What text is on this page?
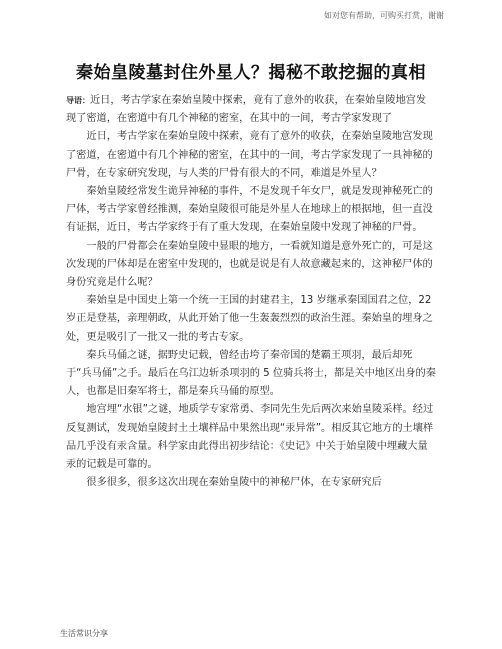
如对您有帮助，可购买打赏，谢谢
秦始皇陵墓封住外星人？揭秘不敢挖掘的真相

导语：近日，考古学家在秦始皇陵中探索，竟有了意外的收获，在秦始皇陵地宫发现了密道，在密道中有几个神秘的密室，在其中的一间，考古学家发现了

近日，考古学家在秦始皇陵中探索，竟有了意外的收获，在秦始皇陵地宫发现了密道，在密道中有几个神秘的密室，在其中的一间，考古学家发现了一具神秘的尸骨，在专家研究发现，与人类的尸骨有很大的不同，难道是外星人？

秦始皇陵经常发生诡异神秘的事件，不是发现千年女尸，就是发现神秘死亡的尸体，考古学家曾经推测，秦始皇陵很可能是外星人在地球上的根据地，但一直没有证据，近日，考古学家终于有了重大发现，在秦始皇陵中发现了神秘的尸骨。

一般的尸骨都会在秦始皇陵中显眼的地方，一看就知道是意外死亡的，可是这次发现的尸体却是在密室中发现的，也就是说是有人故意藏起来的，这神秘尸体的身份究竟是什么呢？

秦始皇是中国史上第一个统一王国的封建君主，13 岁继承秦国国君之位，22 岁正是登基，亲理朝政，从此开始了他一生轰轰烈烈的政治生涯。秦始皇的埋身之处，更是吸引了一批又一批的考古专家。

秦兵马俑之谜，据野史记载，曾经击垮了秦帝国的楚霸王项羽，最后却死于“兵马俑”之手。最后在乌江边斩杀项羽的 5 位骑兵将士，都是关中地区出身的秦人，也都是旧秦军将士，都是秦兵马俑的原型。

地宫埋“水银”之谜，地质学专家常勇、李同先生先后两次来始皇陵采样。经过反复测试，发现始皇陵封土土壤样品中果然出现“汞异常”。相反其它地方的土壤样品几乎没有汞含量。科学家由此得出初步结论：《史记》中关于始皇陵中埋藏大量汞的记载是可靠的。

很多很多，很多这次出现在秦始皇陵中的神秘尸体，在专家研究后

生活常识分享
